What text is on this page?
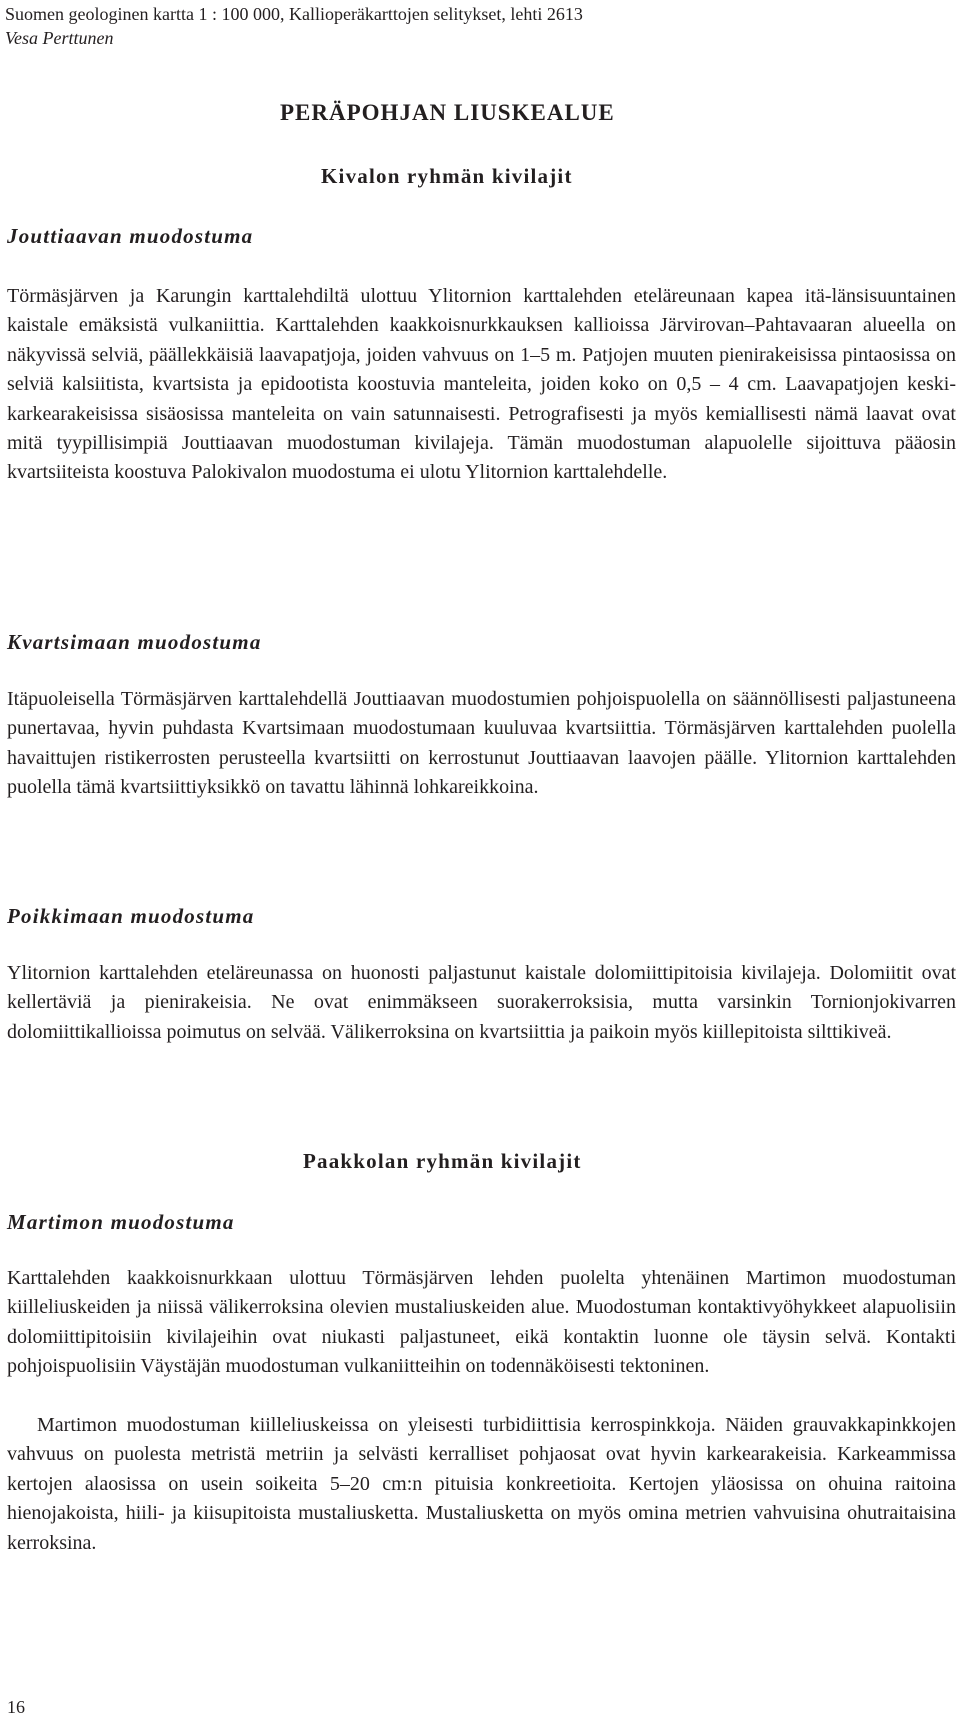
Suomen geologinen kartta 1 : 100 000, Kallioperäkarttojen selitykset, lehti 2613
Vesa Perttunen
PERÄPOHJAN LIUSKEALUE
Kivalon ryhmän kivilajit
Jouttiaavan muodostuma
Törmäsjärven ja Karungin karttalehdiltä ulottuu Ylitornion karttalehden eteläreunaan kapea itä-länsisuuntainen kaistale emäksistä vulkaniittia. Karttalehden kaakkoisnurkkauksen kallioissa Järvirovan–Pahtavaaran alueella on näkyvissä selviä, päällekkäisiä laavapatjoja, joiden vahvuus on 1–5 m. Patjojen muuten pienirakeisissa pintaosissa on selviä kalsiitista, kvartsista ja epidootista koostuvia manteleita, joiden koko on 0,5 – 4 cm. Laavapatjojen keski-karkearakeisissa sisäosissa manteleita on vain satunnaisesti. Petrografisesti ja myös kemiallisesti nämä laavat ovat mitä tyypillisimpiä Jouttiaavan muodostuman kivilajeja. Tämän muodostuman alapuolelle sijoittuva pääosin kvartsiiteista koostuva Palokivalon muodostuma ei ulotu Ylitornion karttalehdelle.
Kvartsimaan muodostuma
Itäpuoleisella Törmäsjärven karttalehdellä Jouttiaavan muodostumien pohjoispuolella on säännöllisesti paljastuneena punertavaa, hyvin puhdasta Kvartsimaan muodostumaan kuuluvaa kvartsiittia. Törmäsjärven karttalehden puolella havaittujen ristikerrosten perusteella kvartsiitti on kerrostunut Jouttiaavan laavojen päälle. Ylitornion karttalehden puolella tämä kvartsiittiyksikkö on tavattu lähinnä lohkareikkoina.
Poikkimaan muodostuma
Ylitornion karttalehden eteläreunassa on huonosti paljastunut kaistale dolomiittipitoisia kivilajeja. Dolomiitit ovat kellertäviä ja pienirakeisia. Ne ovat enimmäkseen suorakerroksisia, mutta varsinkin Tornionjokivarren dolomiittikallioissa poimutus on selvää. Välikerroksina on kvartsiittia ja paikoin myös kiillepitoista silttikiveä.
Paakkolan ryhmän kivilajit
Martimon muodostuma
Karttalehden kaakkoisnurkkaan ulottuu Törmäsjärven lehden puolelta yhtenäinen Martimon muodostuman kiilleliuskeiden ja niissä välikerroksina olevien mustaliuskeiden alue. Muodostuman kontaktivyöhykkeet alapuolisiin dolomiittipitoisiin kivilajeihin ovat niukasti paljastuneet, eikä kontaktin luonne ole täysin selvä. Kontakti pohjoispuolisiin Väystäjän muodostuman vulkaniitteihin on todennäköisesti tektoninen.
Martimon muodostuman kiilleliuskeissa on yleisesti turbidiittisia kerrospinkkoja. Näiden grauvakkapinkkojen vahvuus on puolesta metristä metriin ja selvästi kerralliset pohjaosat ovat hyvin karkearakeisia. Karkeammissa kertojen alaosissa on usein soikeita 5–20 cm:n pituisia konkreetioita. Kertojen yläosissa on ohuina raitoina hienojakoista, hiili- ja kiisupitoista mustaliusketta. Mustaliusketta on myös omina metrien vahvuisina ohutraitaisina kerroksina.
16
